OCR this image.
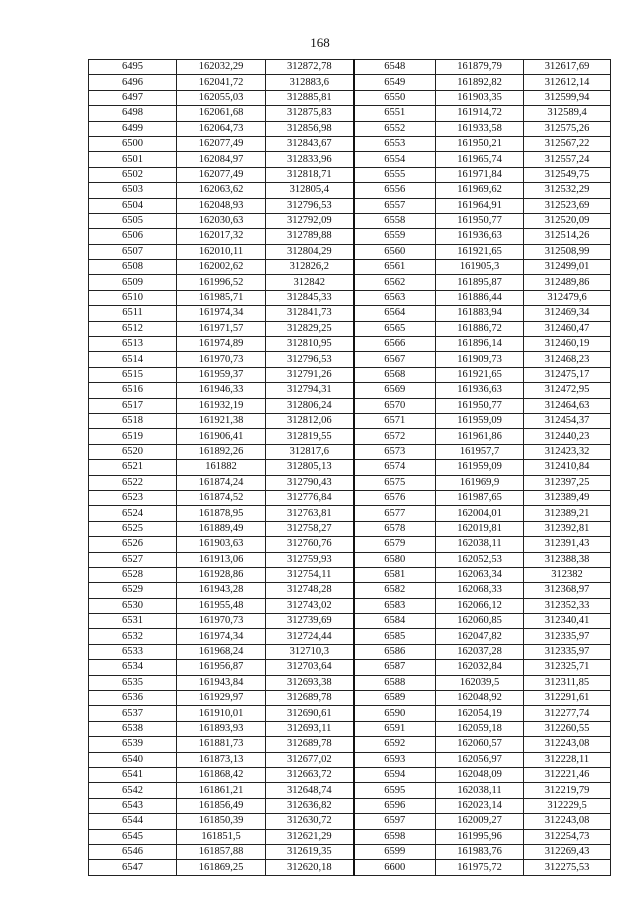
168
6495	162032,29	312872,78	6548	161879,79	312617,69
6496	162041,72	312883,6	6549	161892,82	312612,14
6497	162055,03	312885,81	6550	161903,35	312599,94
6498	162061,68	312875,83	6551	161914,72	312589,4
6499	162064,73	312856,98	6552	161933,58	312575,26
6500	162077,49	312843,67	6553	161950,21	312567,22
6501	162084,97	312833,96	6554	161965,74	312557,24
6502	162077,49	312818,71	6555	161971,84	312549,75
6503	162063,62	312805,4	6556	161969,62	312532,29
6504	162048,93	312796,53	6557	161964,91	312523,69
6505	162030,63	312792,09	6558	161950,77	312520,09
6506	162017,32	312789,88	6559	161936,63	312514,26
6507	162010,11	312804,29	6560	161921,65	312508,99
6508	162002,62	312826,2	6561	161905,3	312499,01
6509	161996,52	312842	6562	161895,87	312489,86
6510	161985,71	312845,33	6563	161886,44	312479,6
6511	161974,34	312841,73	6564	161883,94	312469,34
6512	161971,57	312829,25	6565	161886,72	312460,47
6513	161974,89	312810,95	6566	161896,14	312460,19
6514	161970,73	312796,53	6567	161909,73	312468,23
6515	161959,37	312791,26	6568	161921,65	312475,17
6516	161946,33	312794,31	6569	161936,63	312472,95
6517	161932,19	312806,24	6570	161950,77	312464,63
6518	161921,38	312812,06	6571	161959,09	312454,37
6519	161906,41	312819,55	6572	161961,86	312440,23
6520	161892,26	312817,6	6573	161957,7	312423,32
6521	161882	312805,13	6574	161959,09	312410,84
6522	161874,24	312790,43	6575	161969,9	312397,25
6523	161874,52	312776,84	6576	161987,65	312389,49
6524	161878,95	312763,81	6577	162004,01	312389,21
6525	161889,49	312758,27	6578	162019,81	312392,81
6526	161903,63	312760,76	6579	162038,11	312391,43
6527	161913,06	312759,93	6580	162052,53	312388,38
6528	161928,86	312754,11	6581	162063,34	312382
6529	161943,28	312748,28	6582	162068,33	312368,97
6530	161955,48	312743,02	6583	162066,12	312352,33
6531	161970,73	312739,69	6584	162060,85	312340,41
6532	161974,34	312724,44	6585	162047,82	312335,97
6533	161968,24	312710,3	6586	162037,28	312335,97
6534	161956,87	312703,64	6587	162032,84	312325,71
6535	161943,84	312693,38	6588	162039,5	312311,85
6536	161929,97	312689,78	6589	162048,92	312291,61
6537	161910,01	312690,61	6590	162054,19	312277,74
6538	161893,93	312693,11	6591	162059,18	312260,55
6539	161881,73	312689,78	6592	162060,57	312243,08
6540	161873,13	312677,02	6593	162056,97	312228,11
6541	161868,42	312663,72	6594	162048,09	312221,46
6542	161861,21	312648,74	6595	162038,11	312219,79
6543	161856,49	312636,82	6596	162023,14	312229,5
6544	161850,39	312630,72	6597	162009,27	312243,08
6545	161851,5	312621,29	6598	161995,96	312254,73
6546	161857,88	312619,35	6599	161983,76	312269,43
6547	161869,25	312620,18	6600	161975,72	312275,53
